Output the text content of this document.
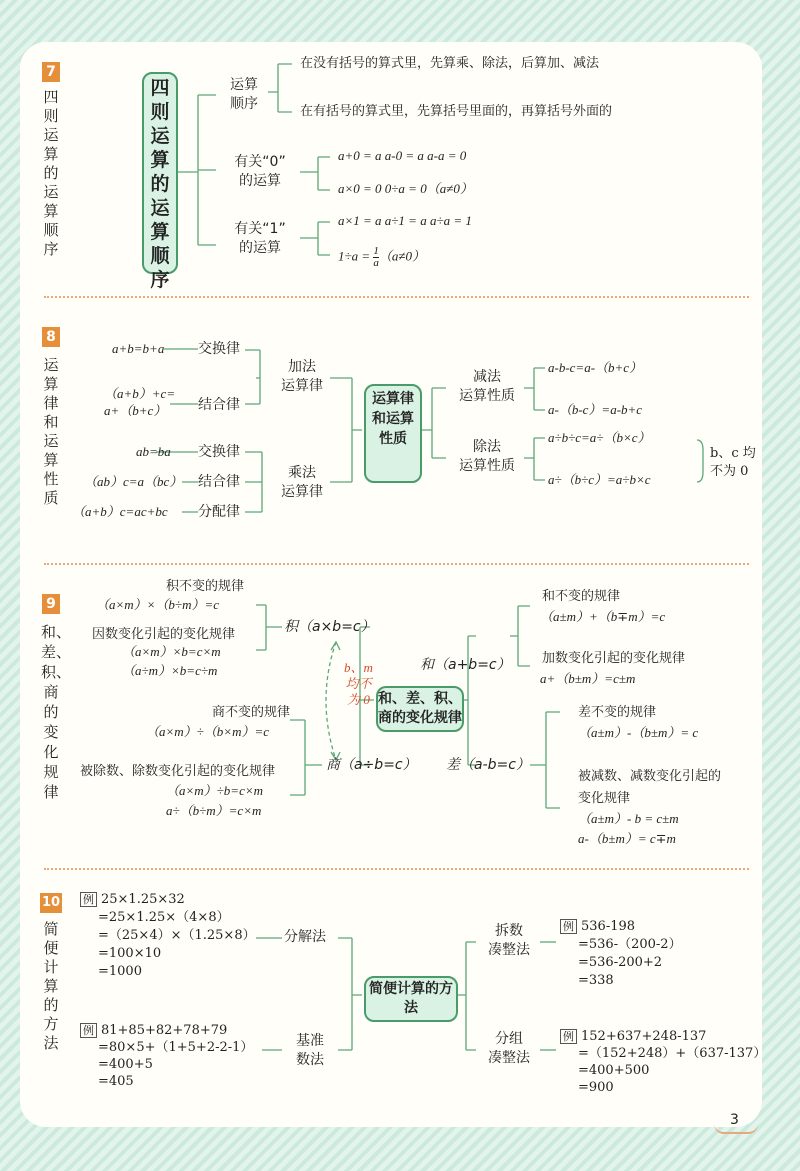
7
四则运算的运算顺序
四则运算的运算顺序
运算
顺序
在没有括号的算式里，先算乘、除法，后算加、减法
在有括号的算式里，先算括号里面的，再算括号外面的
有关“0”
的运算
a+0 = a a-0 = a a-a = 0
a×0 = 0 0÷a = 0（a≠0）
有关“1”
的运算
a×1 = a a÷1 = a a÷a = 1
$1\div a = \frac{1}{a} (a\ne 0)$
8
运算律和运算性质
运算律和运算性质
加法
运算律
a+b=b+a 交换律
（a+b）+c=
a+（b+c） 结合律
乘法
运算律
ab=ba 交换律
（ab）c=a（bc） 结合律
（a+b）c=ac+bc 分配律
减法
运算性质
a-b-c=a-（b+c）
a-（b-c）=a-b+c
除法
运算性质
a÷b÷c=a÷（b×c）
a÷（b÷c）=a÷b×c
b、c 均
不为 0
9
和、差、积、商的变化规律
和、差、积、商的变化规律
积（a×b=c）
积不变的规律
（a×m）×（b÷m）=c
因数变化引起的变化规律
（a×m）×b=c×m
（a÷m）×b=c÷m	b、m
均不
为 0
商（a÷b=c）
商不变的规律
（a×m）÷（b×m）=c
被除数、除数变化引起的变化规律
（a×m）÷b=c×m
a÷（b÷m）=c×m
和（a+b=c）
和不变的规律
（a±m）+（b∓m）=c
加数变化引起的变化规律
a+（b±m）=c±m
差（a-b=c）
差不变的规律
（a±m）-（b±m）= c
被减数、减数变化引起的
变化规律
（a±m）- b = c±m
a-（b±m）= c∓m
10
简便计算的方法
简便计算的方法
分解法
例 25×1.25×32
=25×1.25×（4×8）
=（25×4）×（1.25×8）
=100×10
=1000
基准
数法
例 81+85+82+78+79
=80×5+（1+5+2-2-1）
=400+5
=405
拆数
凑整法
例 536-198
=536-（200-2）
=536-200+2
=338
分组
凑整法
例 152+637+248-137
=（152+248）+（637-137）
=400+500
=900
3
